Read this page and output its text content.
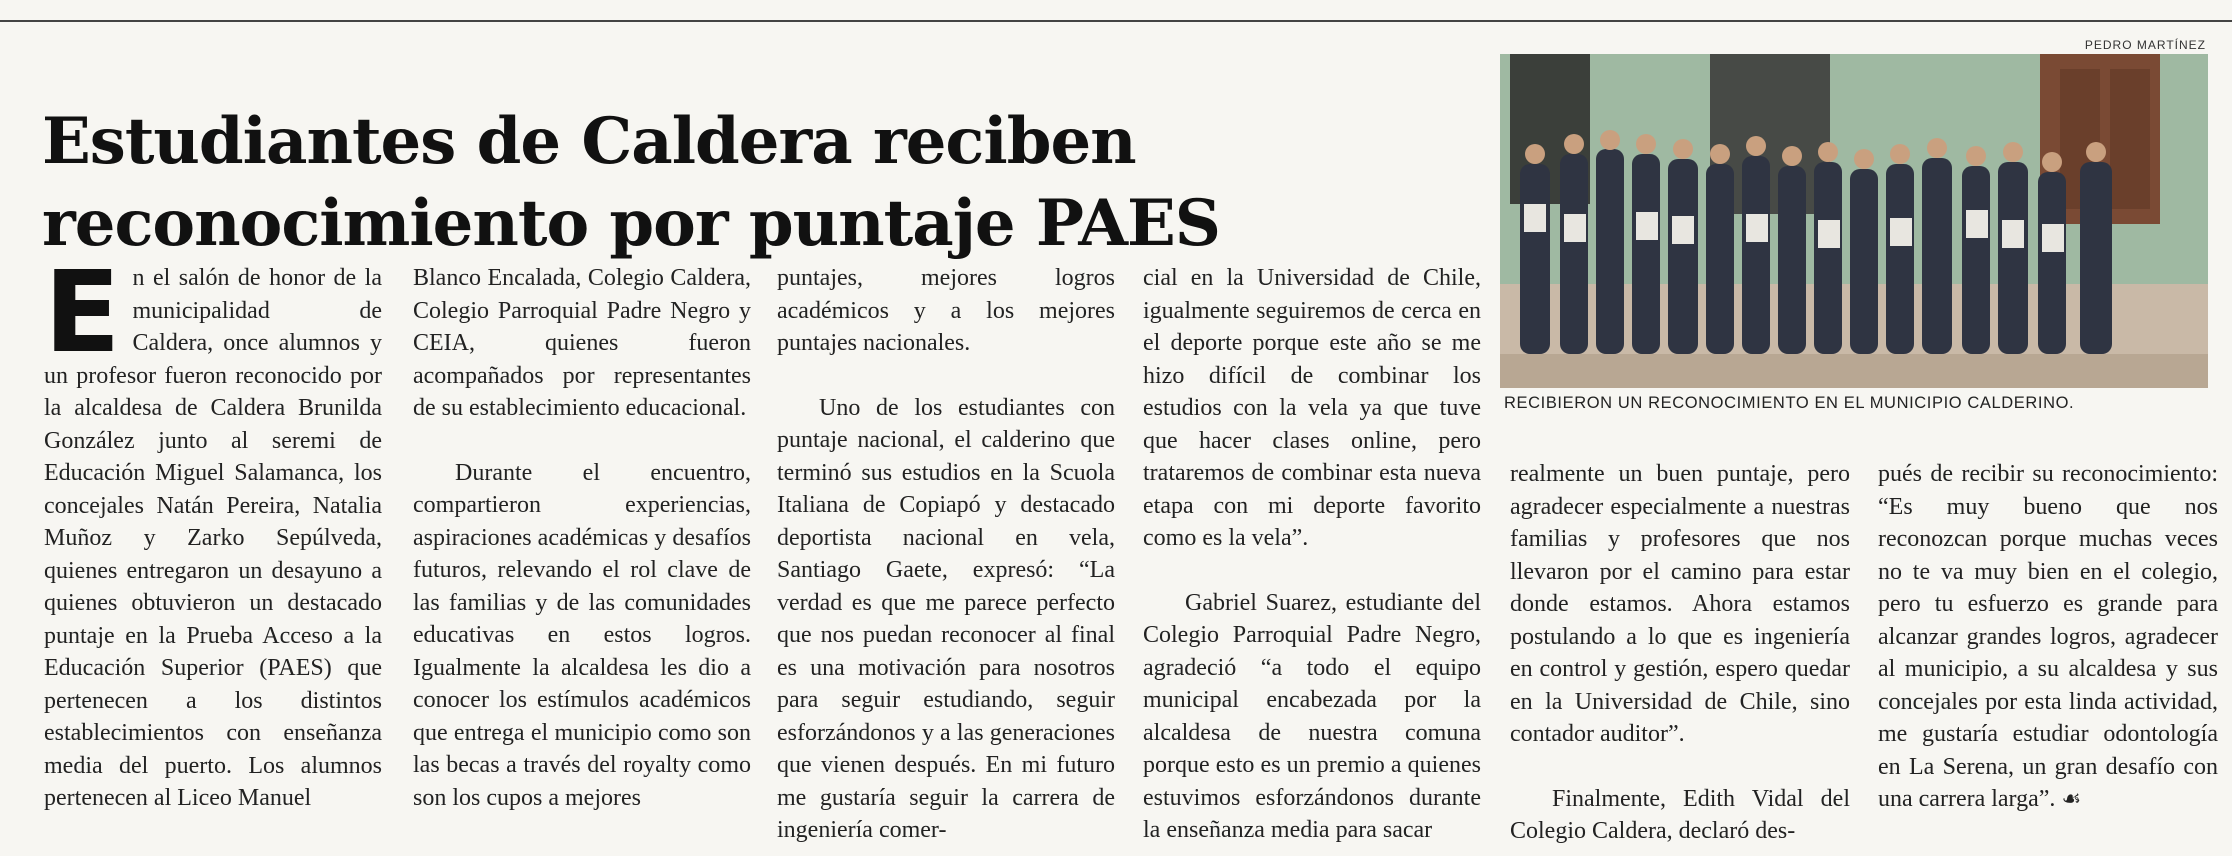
Estudiantes de Caldera reciben
reconocimiento por puntaje PAES

En el salón de honor de la municipalidad de Caldera, once alumnos y un profesor fueron reconocido por la alcaldesa de Caldera Brunilda González junto al seremi de Educación Miguel Salamanca, los concejales Natán Pereira, Natalia Muñoz y Zarko Sepúlveda, quienes entregaron un desayuno a quienes obtuvieron un destacado puntaje en la Prueba Acceso a la Educación Superior (PAES) que pertenecen a los distintos establecimientos con enseñanza media del puerto. Los alumnos pertenecen al Liceo Manuel

Blanco Encalada, Colegio Caldera, Colegio Parroquial Padre Negro y CEIA, quienes fueron acompañados por representantes de su establecimiento educacional.

Durante el encuentro, compartieron experiencias, aspiraciones académicas y desafíos futuros, relevando el rol clave de las familias y de las comunidades educativas en estos logros. Igualmente la alcaldesa les dio a conocer los estímulos académicos que entrega el municipio como son las becas a través del royalty como son los cupos a mejores

puntajes, mejores logros académicos y a los mejores puntajes nacionales.

Uno de los estudiantes con puntaje nacional, el calderino que terminó sus estudios en la Scuola Italiana de Copiapó y destacado deportista nacional en vela, Santiago Gaete, expresó: “La verdad es que me parece perfecto que nos puedan reconocer al final es una motivación para nosotros para seguir estudiando, seguir esforzándonos y a las generaciones que vienen después. En mi futuro me gustaría seguir la carrera de ingeniería comer-

cial en la Universidad de Chile, igualmente seguiremos de cerca en el deporte porque este año se me hizo difícil de combinar los estudios con la vela ya que tuve que hacer clases online, pero trataremos de combinar esta nueva etapa con mi deporte favorito como es la vela”.

Gabriel Suarez, estudiante del Colegio Parroquial Padre Negro, agradeció “a todo el equipo municipal encabezada por la alcaldesa de nuestra comuna porque esto es un premio a quienes estuvimos esforzándonos durante la enseñanza media para sacar

PEDRO MARTÍNEZ
RECIBIERON UN RECONOCIMIENTO EN EL MUNICIPIO CALDERINO.

realmente un buen puntaje, pero agradecer especialmente a nuestras familias y profesores que nos llevaron por el camino para estar donde estamos. Ahora estamos postulando a lo que es ingeniería en control y gestión, espero quedar en la Universidad de Chile, sino contador auditor”.

Finalmente, Edith Vidal del Colegio Caldera, declaró des-

pués de recibir su reconocimiento: “Es muy bueno que nos reconozcan porque muchas veces no te va muy bien en el colegio, pero tu esfuerzo es grande para alcanzar grandes logros, agradecer al municipio, a su alcaldesa y sus concejales por esta linda actividad, me gustaría estudiar odontología en La Serena, un gran desafío con una carrera larga”. ☙
